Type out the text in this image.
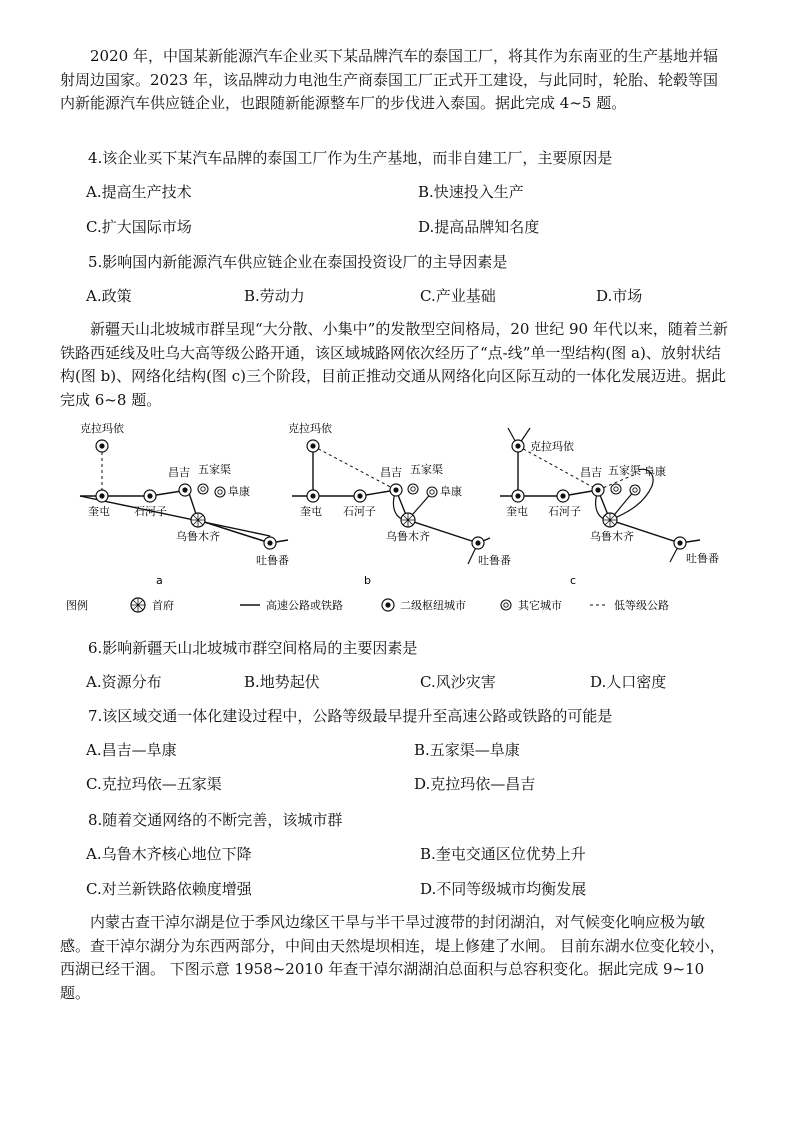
2020 年，中国某新能源汽车企业买下某品牌汽车的泰国工厂，将其作为东南亚的生产基地并辐射周边国家。2023 年，该品牌动力电池生产商泰国工厂正式开工建设，与此同时，轮胎、轮毂等国内新能源汽车供应链企业，也跟随新能源整车厂的步伐进入泰国。据此完成 4~5 题。

4.该企业买下某汽车品牌的泰国工厂作为生产基地，而非自建工厂，主要原因是
A.提高生产技术	B.快速投入生产
C.扩大国际市场	D.提高品牌知名度
5.影响国内新能源汽车供应链企业在泰国投资设厂的主导因素是
A.政策	B.劳动力	C.产业基础	D.市场

新疆天山北坡城市群呈现“大分散、小集中”的发散型空间格局，20 世纪 90 年代以来，随着兰新铁路西延线及吐乌大高等级公路开通，该区域城路网依次经历了“点-线”单一型结构(图 a)、放射状结构(图 b)、网络化结构(图 c)三个阶段，目前正推动交通从网络化向区际互动的一体化发展迈进。据此完成 6~8 题。

克拉玛依
奎屯 石河子
昌吉 五家渠
阜康
乌鲁木齐
吐鲁番
a
克拉玛依
奎屯 石河子
昌吉 五家渠
阜康
乌鲁木齐
吐鲁番
b
克拉玛依
奎屯 石河子
昌吉 五家渠 阜康
乌鲁木齐
吐鲁番
c
图例	首府	高速公路或铁路	二级枢纽城市	其它城市	低等级公路
6.影响新疆天山北坡城市群空间格局的主要因素是
A.资源分布	B.地势起伏	C.风沙灾害	D.人口密度
7.该区域交通一体化建设过程中，公路等级最早提升至高速公路或铁路的可能是
A.昌吉—阜康	B.五家渠—阜康
C.克拉玛依—五家渠	D.克拉玛依—昌吉
8.随着交通网络的不断完善，该城市群
A.乌鲁木齐核心地位下降	B.奎屯交通区位优势上升
C.对兰新铁路依赖度增强	D.不同等级城市均衡发展

内蒙古查干淖尔湖是位于季风边缘区干旱与半干旱过渡带的封闭湖泊，对气候变化响应极为敏感。查干淖尔湖分为东西两部分，中间由天然堤坝相连，堤上修建了水闸。 目前东湖水位变化较小，西湖已经干涸。 下图示意 1958~2010 年查干淖尔湖湖泊总面积与总容积变化。据此完成 9~10 题。
